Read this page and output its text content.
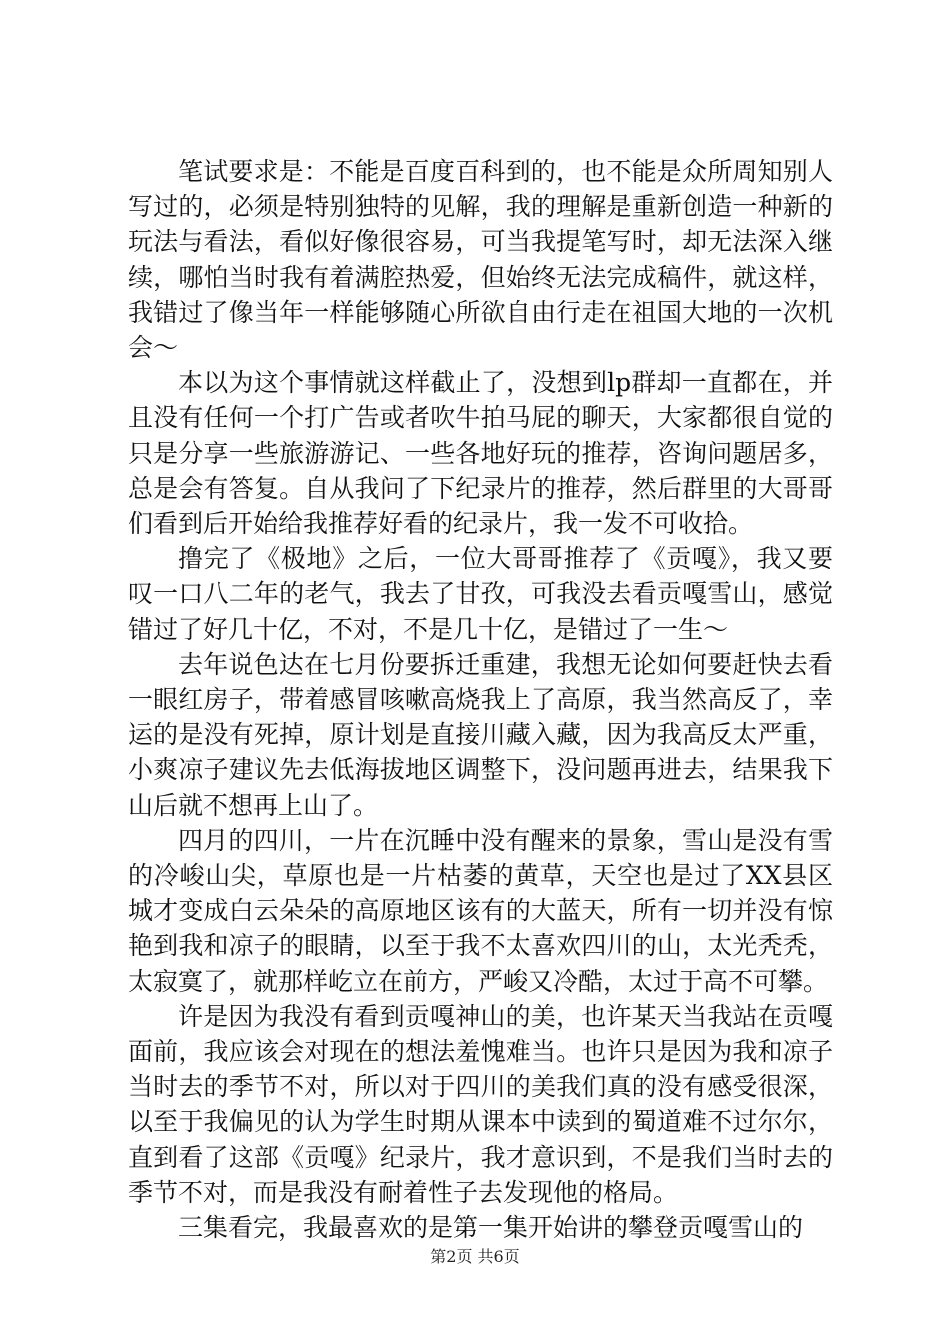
笔试要求是：不能是百度百科到的，也不能是众所周知别人写过的，必须是特别独特的见解，我的理解是重新创造一种新的玩法与看法，看似好像很容易，可当我提笔写时，却无法深入继续，哪怕当时我有着满腔热爱，但始终无法完成稿件，就这样，我错过了像当年一样能够随心所欲自由行走在祖国大地的一次机会～

本以为这个事情就这样截止了，没想到lp群却一直都在，并且没有任何一个打广告或者吹牛拍马屁的聊天，大家都很自觉的只是分享一些旅游游记、一些各地好玩的推荐，咨询问题居多，总是会有答复。自从我问了下纪录片的推荐，然后群里的大哥哥们看到后开始给我推荐好看的纪录片，我一发不可收拾。

撸完了《极地》之后，一位大哥哥推荐了《贡嘎》，我又要叹一口八二年的老气，我去了甘孜，可我没去看贡嘎雪山，感觉错过了好几十亿，不对，不是几十亿，是错过了一生～

去年说色达在七月份要拆迁重建，我想无论如何要赶快去看一眼红房子，带着感冒咳嗽高烧我上了高原，我当然高反了，幸运的是没有死掉，原计划是直接川藏入藏，因为我高反太严重，小爽凉子建议先去低海拔地区调整下，没问题再进去，结果我下山后就不想再上山了。

四月的四川，一片在沉睡中没有醒来的景象，雪山是没有雪的冷峻山尖，草原也是一片枯萎的黄草，天空也是过了XX县区城才变成白云朵朵的高原地区该有的大蓝天，所有一切并没有惊艳到我和凉子的眼睛，以至于我不太喜欢四川的山，太光秃秃，太寂寞了，就那样屹立在前方，严峻又冷酷，太过于高不可攀。

许是因为我没有看到贡嘎神山的美，也许某天当我站在贡嘎面前，我应该会对现在的想法羞愧难当。也许只是因为我和凉子当时去的季节不对，所以对于四川的美我们真的没有感受很深，以至于我偏见的认为学生时期从课本中读到的蜀道难不过尔尔，直到看了这部《贡嘎》纪录片，我才意识到，不是我们当时去的季节不对，而是我没有耐着性子去发现他的格局。

三集看完，我最喜欢的是第一集开始讲的攀登贡嘎雪山的

第2页 共6页
